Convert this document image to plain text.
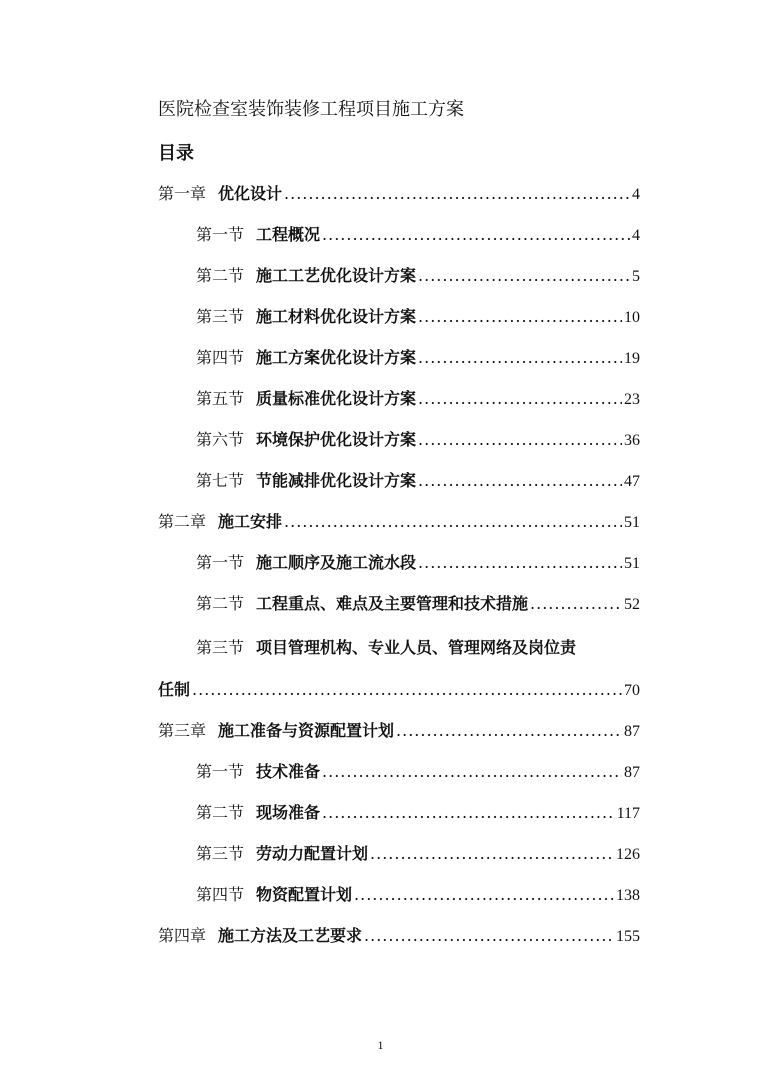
医院检查室装饰装修工程项目施工方案
目录
第一章 优化设计 .....	4
第一节 工程概况 .....	4
第二节 施工工艺优化设计方案 .....	5
第三节 施工材料优化设计方案 .....	10
第四节 施工方案优化设计方案 .....	19
第五节 质量标准优化设计方案 .....	23
第六节 环境保护优化设计方案 .....	36
第七节 节能减排优化设计方案 .....	47
第二章 施工安排 .....	51
第一节 施工顺序及施工流水段 .....	51
第二节 工程重点、难点及主要管理和技术措施 .....	52
第三节 项目管理机构、专业人员、管理网络及岗位责
任制 .....	70
第三章 施工准备与资源配置计划 .....	87
第一节 技术准备 .....	87
第二节 现场准备 .....	117
第三节 劳动力配置计划 .....	126
第四节 物资配置计划 .....	138
第四章 施工方法及工艺要求 .....	155
1
